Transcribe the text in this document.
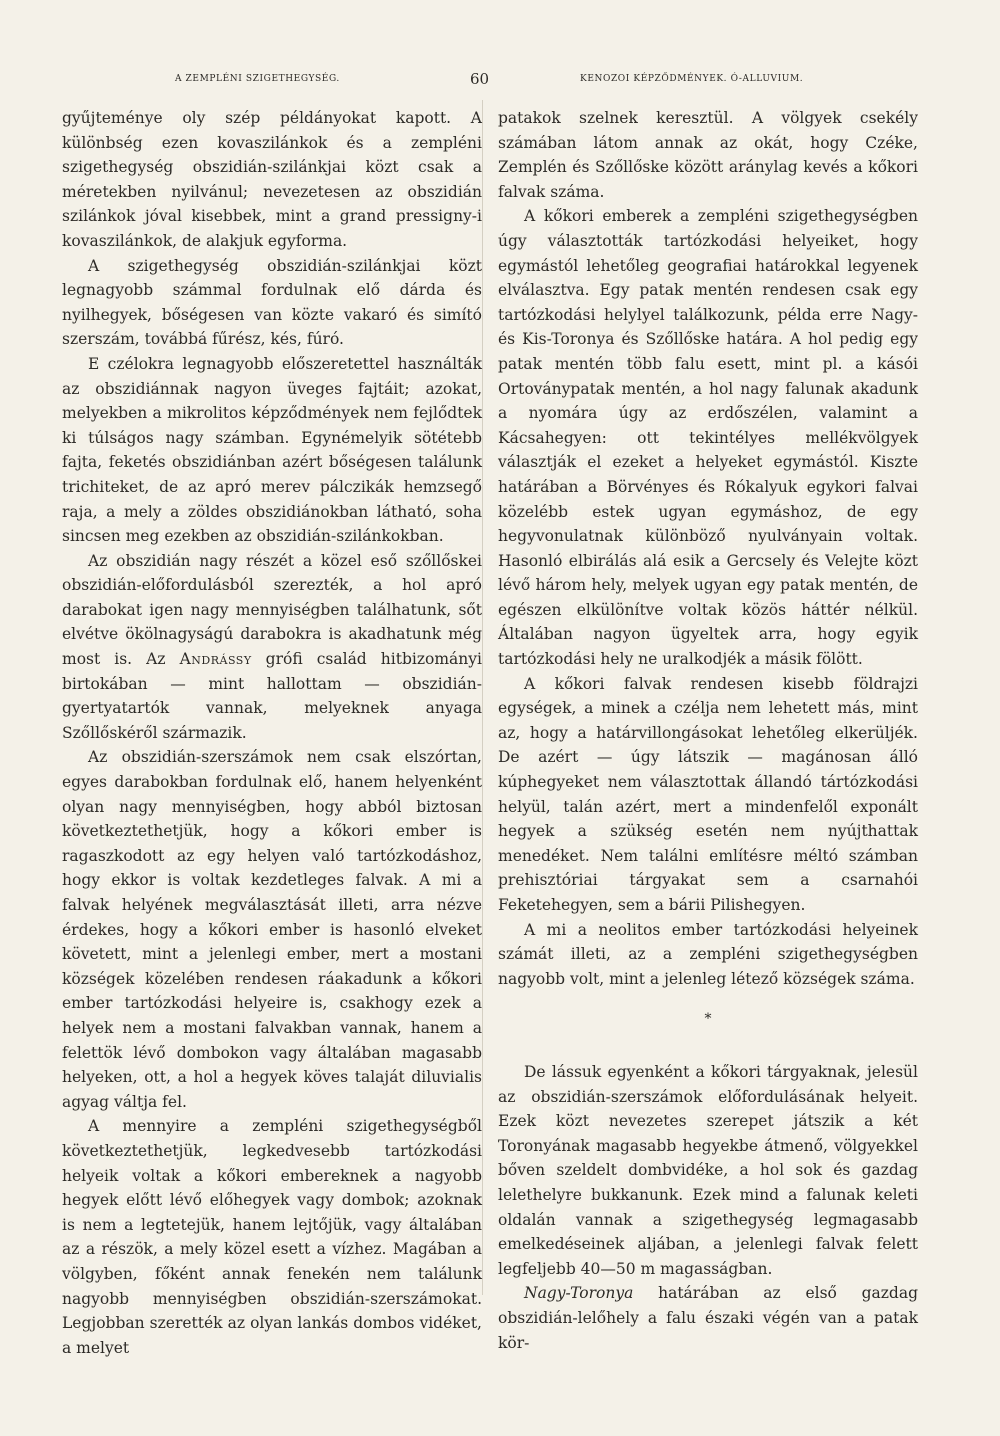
A ZEMPLÉNI SZIGETHEGYSÉG.	60	KENOZOI KÉPZŐDMÉNYEK. Ó-ALLUVIUM.

gyűjteménye oly szép példányokat kapott. A különbség ezen kovaszilánkok és a zempléni szigethegység obszidián-szilánkjai közt csak a méretekben nyilvánul; nevezetesen az obszidián szilánkok jóval kisebbek, mint a grand pressigny-i kovaszilánkok, de alakjuk egyforma.

A szigethegység obszidián-szilánkjai közt legnagyobb számmal fordulnak elő dárda és nyilhegyek, bőségesen van közte vakaró és simító szerszám, továbbá fűrész, kés, fúró.

E czélokra legnagyobb előszeretettel használták az obszidiánnak nagyon üveges fajtáit; azokat, melyekben a mikrolitos képződmények nem fejlődtek ki túlságos nagy számban. Egynémelyik sötétebb fajta, feketés obszidiánban azért bőségesen találunk trichiteket, de az apró merev pálczikák hemzsegő raja, a mely a zöldes obszidiánokban látható, soha sincsen meg ezekben az obszidián-szilánkokban.

Az obszidián nagy részét a közel eső szőllőskei obszidián-előfordulásból szerezték, a hol apró darabokat igen nagy mennyiségben találhatunk, sőt elvétve ökölnagyságú darabokra is akadhatunk még most is. Az Andrássy grófi család hitbizományi birtokában — mint hallottam — obszidián-gyertyatartók vannak, melyeknek anyaga Szőllőskéről származik.

Az obszidián-szerszámok nem csak elszórtan, egyes darabokban fordulnak elő, hanem helyenként olyan nagy mennyiségben, hogy abból biztosan következtethetjük, hogy a kőkori ember is ragaszkodott az egy helyen való tartózkodáshoz, hogy ekkor is voltak kezdetleges falvak. A mi a falvak helyének megválasztását illeti, arra nézve érdekes, hogy a kőkori ember is hasonló elveket követett, mint a jelenlegi ember, mert a mostani községek közelében rendesen ráakadunk a kőkori ember tartózkodási helyeire is, csakhogy ezek a helyek nem a mostani falvakban vannak, hanem a felettök lévő dombokon vagy általában magasabb helyeken, ott, a hol a hegyek köves talaját diluvialis agyag váltja fel.

A mennyire a zempléni szigethegységből következtethetjük, legkedvesebb tartózkodási helyeik voltak a kőkori embereknek a nagyobb hegyek előtt lévő előhegyek vagy dombok; azoknak is nem a legtetejük, hanem lejtőjük, vagy általában az a részök, a mely közel esett a vízhez. Magában a völgyben, főként annak fenekén nem találunk nagyobb mennyiségben obszidián-szerszámokat. Legjobban szerették az olyan lankás dombos vidéket, a melyet

patakok szelnek keresztül. A völgyek csekély számában látom annak az okát, hogy Czéke, Zemplén és Szőllőske között aránylag kevés a kőkori falvak száma.

A kőkori emberek a zempléni szigethegységben úgy választották tartózkodási helyeiket, hogy egymástól lehetőleg geografiai határokkal legyenek elválasztva. Egy patak mentén rendesen csak egy tartózkodási helylyel találkozunk, példa erre Nagy- és Kis-Toronya és Szőllőske határa. A hol pedig egy patak mentén több falu esett, mint pl. a kásói Ortoványpatak mentén, a hol nagy falunak akadunk a nyomára úgy az erdőszélen, valamint a Kácsahegyen: ott tekintélyes mellékvölgyek választják el ezeket a helyeket egymástól. Kiszte határában a Börvényes és Rókalyuk egykori falvai közelébb estek ugyan egymáshoz, de egy hegyvonulatnak különböző nyulványain voltak. Hasonló elbirálás alá esik a Gercsely és Velejte közt lévő három hely, melyek ugyan egy patak mentén, de egészen elkülönítve voltak közös háttér nélkül. Általában nagyon ügyeltek arra, hogy egyik tartózkodási hely ne uralkodjék a másik fölött.

A kőkori falvak rendesen kisebb földrajzi egységek, a minek a czélja nem lehetett más, mint az, hogy a határvillongásokat lehetőleg elkerüljék. De azért — úgy látszik — magánosan álló kúphegyeket nem választottak állandó tártózkodási helyül, talán azért, mert a mindenfelől exponált hegyek a szükség esetén nem nyújthattak menedéket. Nem találni említésre méltó számban prehisztóriai tárgyakat sem a csarnahói Feketehegyen, sem a bárii Pilishegyen.

A mi a neolitos ember tartózkodási helyeinek számát illeti, az a zempléni szigethegységben nagyobb volt, mint a jelenleg létező községek száma.

*

De lássuk egyenként a kőkori tárgyaknak, jelesül az obszidián-szerszámok előfordulásának helyeit. Ezek közt nevezetes szerepet játszik a két Toronyának magasabb hegyekbe átmenő, völgyekkel bőven szeldelt dombvidéke, a hol sok és gazdag lelethelyre bukkanunk. Ezek mind a falunak keleti oldalán vannak a szigethegység legmagasabb emelkedéseinek aljában, a jelenlegi falvak felett legfeljebb 40—50 m magasságban.

Nagy-Toronya határában az első gazdag obszidián-lelőhely a falu északi végén van a patak kör-
